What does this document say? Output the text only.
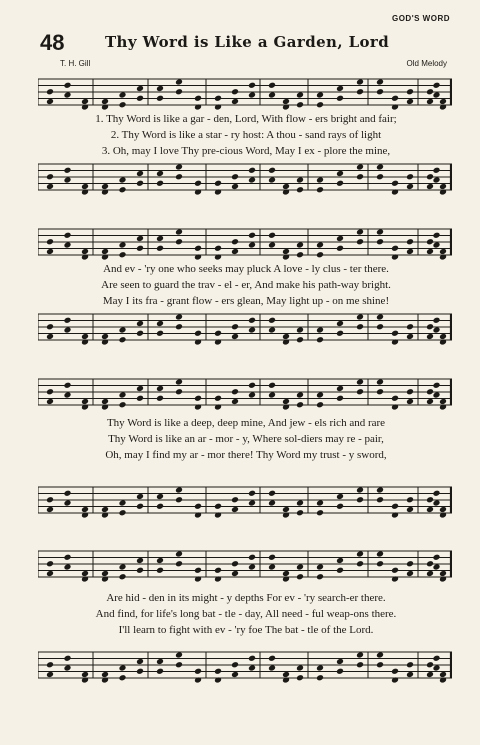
GOD'S WORD
48	Thy Word is Like a Garden, Lord
T. H. Gill	Old Melody
1. Thy Word is like a gar - den, Lord, With flow - ers bright and fair;
2. Thy Word is like a star - ry host: A thou - sand rays of light
3. Oh, may I love Thy pre-cious Word, May I ex - plore the mine,
And ev - 'ry one who seeks may pluck A love - ly clus - ter there.
Are seen to guard the trav - el - er, And make his path-way bright.
May I its fra - grant flow - ers glean, May light up - on me shine!
Thy Word is like a deep, deep mine, And jew - els rich and rare
Thy Word is like an ar - mor - y, Where sol-diers may re - pair,
Oh, may I find my ar - mor there! Thy Word my trust - y sword,
Are hid - den in its might - y depths For ev - 'ry search-er there.
And find, for life's long bat - tle - day, All need - ful weap-ons there.
I'll learn to fight with ev - 'ry foe The bat - tle of the Lord.
